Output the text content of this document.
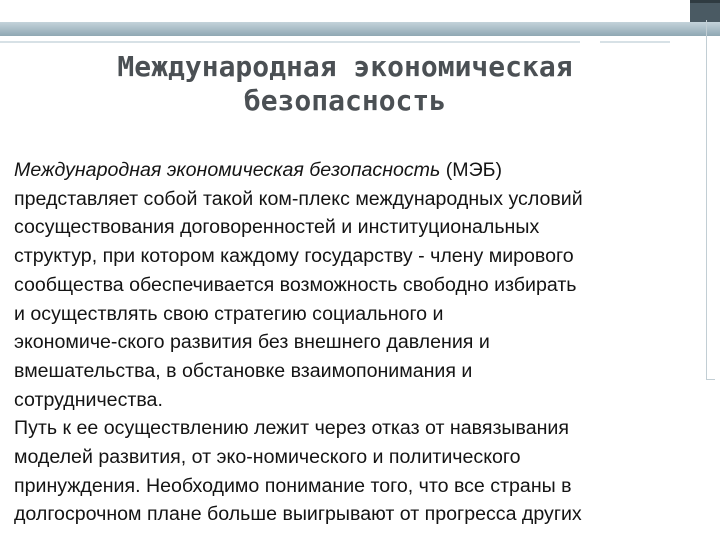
Международная экономическая
безопасность

Международная экономическая безопасность (МЭБ)
представляет собой такой ком-плекс международных условий
сосуществования договоренностей и институциональных
структур, при котором каждому государству - члену мирового
сообщества обеспечивается возможность свободно избирать
и осуществлять свою стратегию социального и
экономиче-ского развития без внешнего давления и
вмешательства, в обстановке взаимопонимания и
сотрудничества.

Путь к ее осуществлению лежит через отказ от навязывания
моделей развития, от эко-номического и политического
принуждения. Необходимо понимание того, что все страны в
долгосрочном плане больше выигрывают от прогресса других
